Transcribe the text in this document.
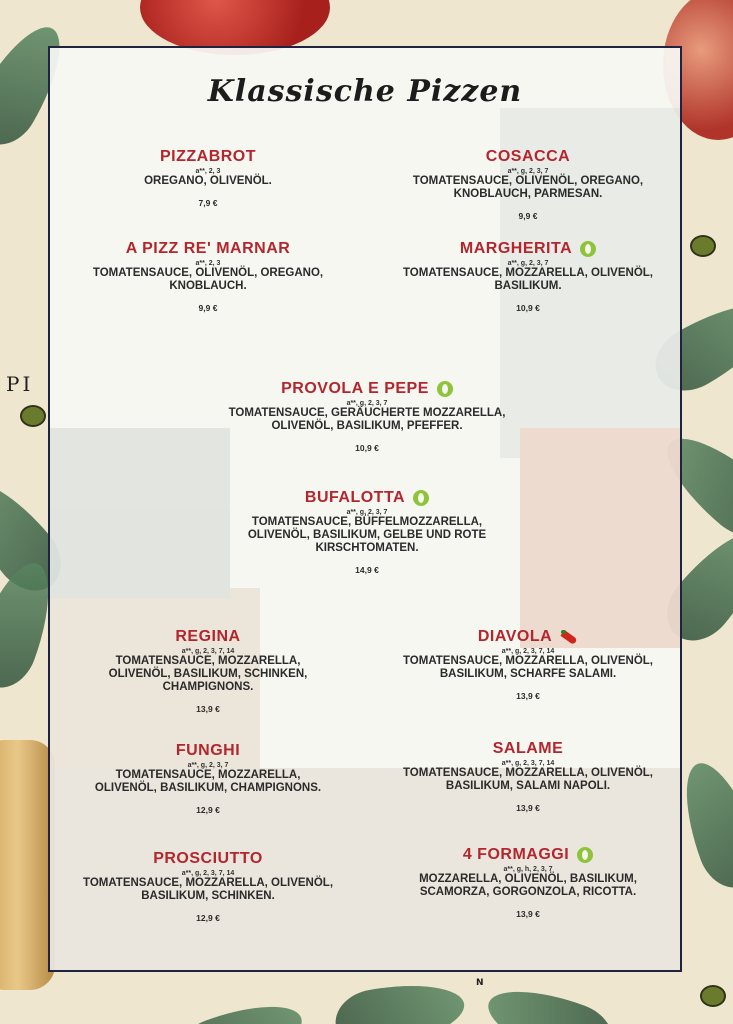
PI
N
Klassische Pizzen
PIZZABROT
a**, 2, 3
OREGANO, OLIVENÖL.
7,9 €
COSACCA
a**, g, 2, 3, 7
TOMATENSAUCE, OLIVENÖL, OREGANO, KNOBLAUCH, PARMESAN.
9,9 €
A PIZZ RE' MARNAR
a**, 2, 3
TOMATENSAUCE, OLIVENÖL, OREGANO, KNOBLAUCH.
9,9 €
MARGHERITA
a**, g, 2, 3, 7
TOMATENSAUCE, MOZZARELLA, OLIVENÖL, BASILIKUM.
10,9 €
PROVOLA E PEPE
a**, g, 2, 3, 7
TOMATENSAUCE, GERÄUCHERTE MOZZARELLA, OLIVENÖL, BASILIKUM, PFEFFER.
10,9 €
BUFALOTTA
a**, g, 2, 3, 7
TOMATENSAUCE, BÜFFELMOZZARELLA, OLIVENÖL, BASILIKUM, GELBE UND ROTE KIRSCHTOMATEN.
14,9 €
REGINA
a**, g, 2, 3, 7, 14
TOMATENSAUCE, MOZZARELLA, OLIVENÖL, BASILIKUM, SCHINKEN, CHAMPIGNONS.
13,9 €
DIAVOLA
a**, g, 2, 3, 7, 14
TOMATENSAUCE, MOZZARELLA, OLIVENÖL, BASILIKUM, SCHARFE SALAMI.
13,9 €
FUNGHI
a**, g, 2, 3, 7
TOMATENSAUCE, MOZZARELLA, OLIVENÖL, BASILIKUM, CHAMPIGNONS.
12,9 €
SALAME
a**, g, 2, 3, 7, 14
TOMATENSAUCE, MOZZARELLA, OLIVENÖL, BASILIKUM, SALAMI NAPOLI.
13,9 €
PROSCIUTTO
a**, g, 2, 3, 7, 14
TOMATENSAUCE, MOZZARELLA, OLIVENÖL, BASILIKUM, SCHINKEN.
12,9 €
4 FORMAGGI
a**, g, h, 2, 3, 7
MOZZARELLA, OLIVENÖL, BASILIKUM, SCAMORZA, GORGONZOLA, RICOTTA.
13,9 €
